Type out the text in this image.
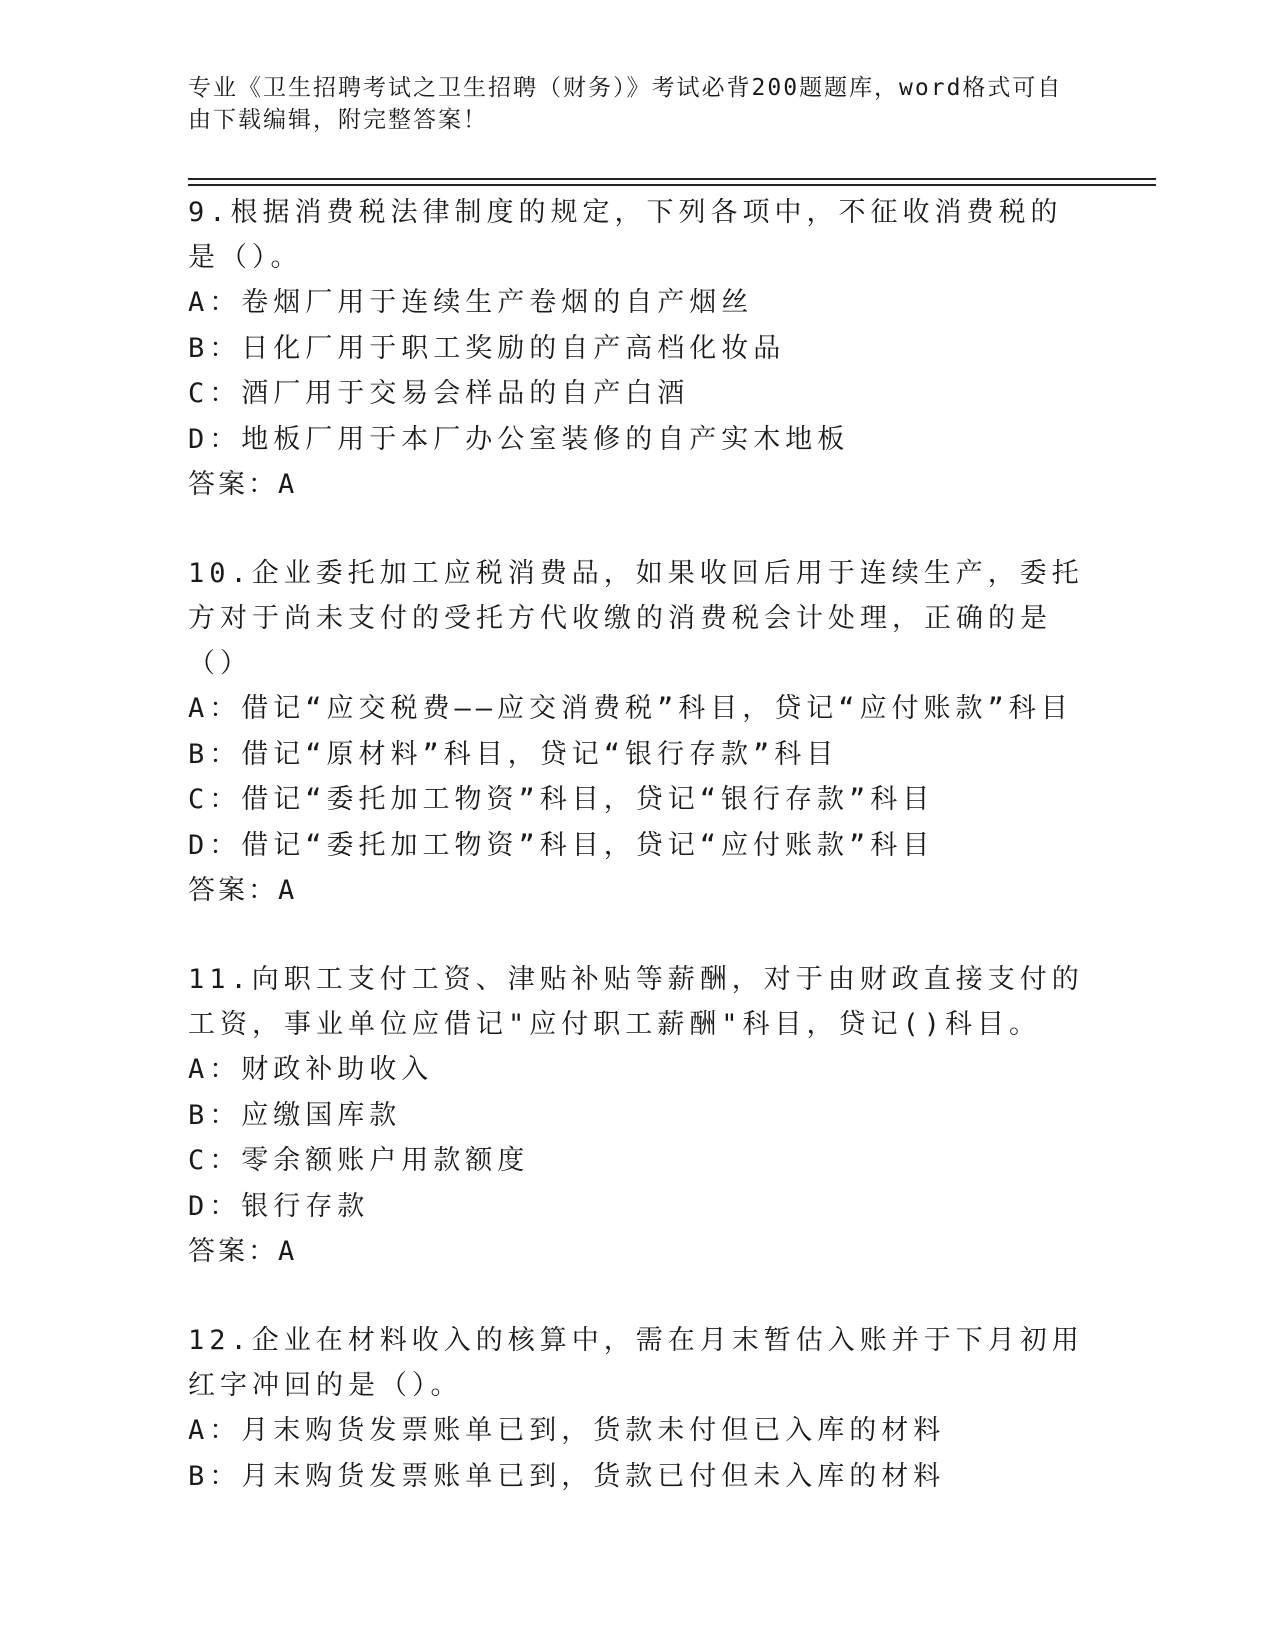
专业《卫生招聘考试之卫生招聘（财务）》考试必背200题题库，word格式可自由下载编辑，附完整答案！

9.根据消费税法律制度的规定，下列各项中，不征收消费税的是（）。

A：卷烟厂用于连续生产卷烟的自产烟丝

B：日化厂用于职工奖励的自产高档化妆品

C：酒厂用于交易会样品的自产白酒

D：地板厂用于本厂办公室装修的自产实木地板

答案：A

10.企业委托加工应税消费品，如果收回后用于连续生产，委托方对于尚未支付的受托方代收缴的消费税会计处理，正确的是（）

A：借记“应交税费——应交消费税”科目，贷记“应付账款”科目

B：借记“原材料”科目，贷记“银行存款”科目

C：借记“委托加工物资”科目，贷记“银行存款”科目

D：借记“委托加工物资”科目，贷记“应付账款”科目

答案：A

11.向职工支付工资、津贴补贴等薪酬，对于由财政直接支付的工资，事业单位应借记"应付职工薪酬"科目，贷记()科目。

A：财政补助收入

B：应缴国库款

C：零余额账户用款额度

D：银行存款

答案：A

12.企业在材料收入的核算中，需在月末暂估入账并于下月初用红字冲回的是（）。

A：月末购货发票账单已到，货款未付但已入库的材料

B：月末购货发票账单已到，货款已付但未入库的材料
